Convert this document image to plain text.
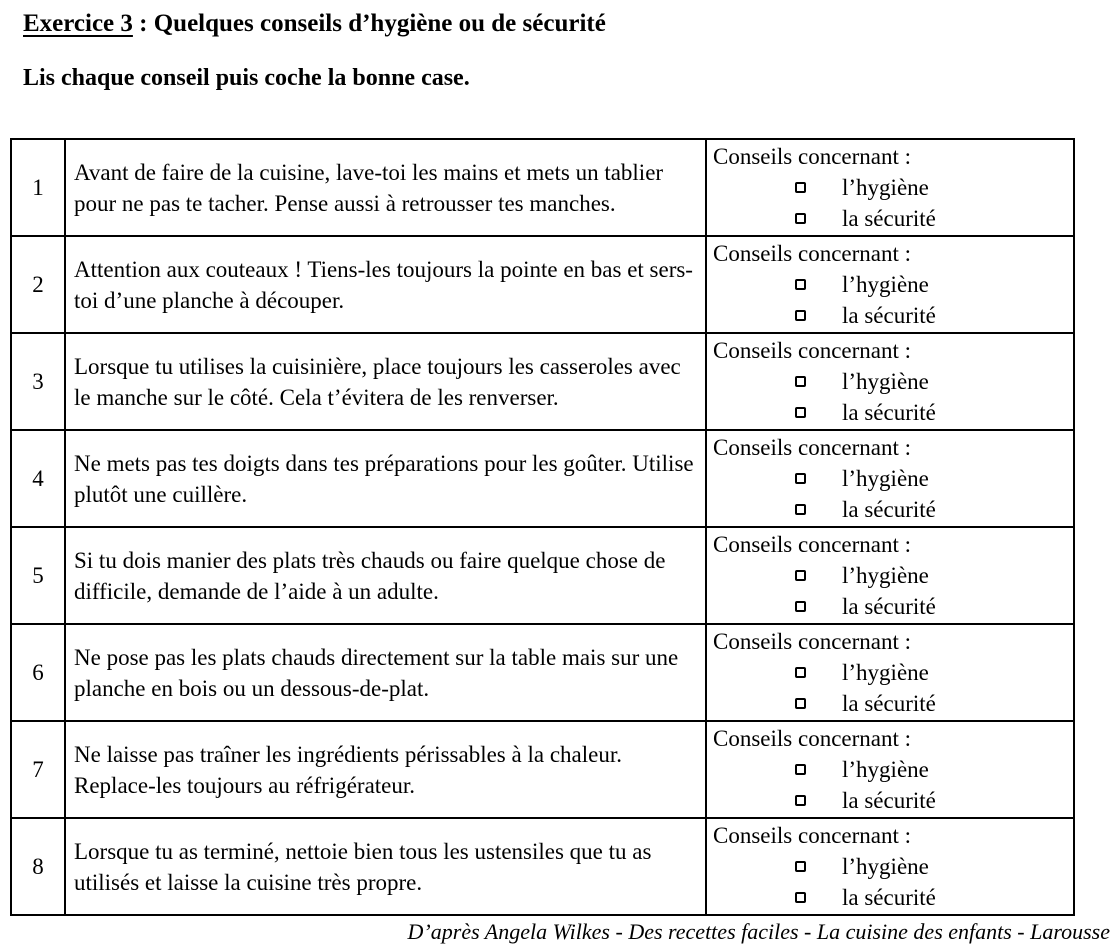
Exercice 3 : Quelques conseils d’hygiène ou de sécurité
Lis chaque conseil puis coche la bonne case.
1	Avant de faire de la cuisine, lave-toi les mains et mets un tablier pour ne pas te tacher. Pense aussi à retrousser tes manches.	Conseils concernant :
l’hygiène
la sécurité

2	Attention aux couteaux ! Tiens-les toujours la pointe en bas et sers-toi d’une planche à découper.	Conseils concernant :
l’hygiène
la sécurité

3	Lorsque tu utilises la cuisinière, place toujours les casseroles avec le manche sur le côté. Cela t’évitera de les renverser.	Conseils concernant :
l’hygiène
la sécurité

4	Ne mets pas tes doigts dans tes préparations pour les goûter. Utilise plutôt une cuillère.	Conseils concernant :
l’hygiène
la sécurité

5	Si tu dois manier des plats très chauds ou faire quelque chose de difficile, demande de l’aide à un adulte.	Conseils concernant :
l’hygiène
la sécurité

6	Ne pose pas les plats chauds directement sur la table mais sur une planche en bois ou un dessous-de-plat.	Conseils concernant :
l’hygiène
la sécurité

7	Ne laisse pas traîner les ingrédients périssables à la chaleur. Replace-les toujours au réfrigérateur.	Conseils concernant :
l’hygiène
la sécurité

8	Lorsque tu as terminé, nettoie bien tous les ustensiles que tu as utilisés et laisse la cuisine très propre.	Conseils concernant :
l’hygiène
la sécurité
D’après Angela Wilkes - Des recettes faciles - La cuisine des enfants - Larousse
